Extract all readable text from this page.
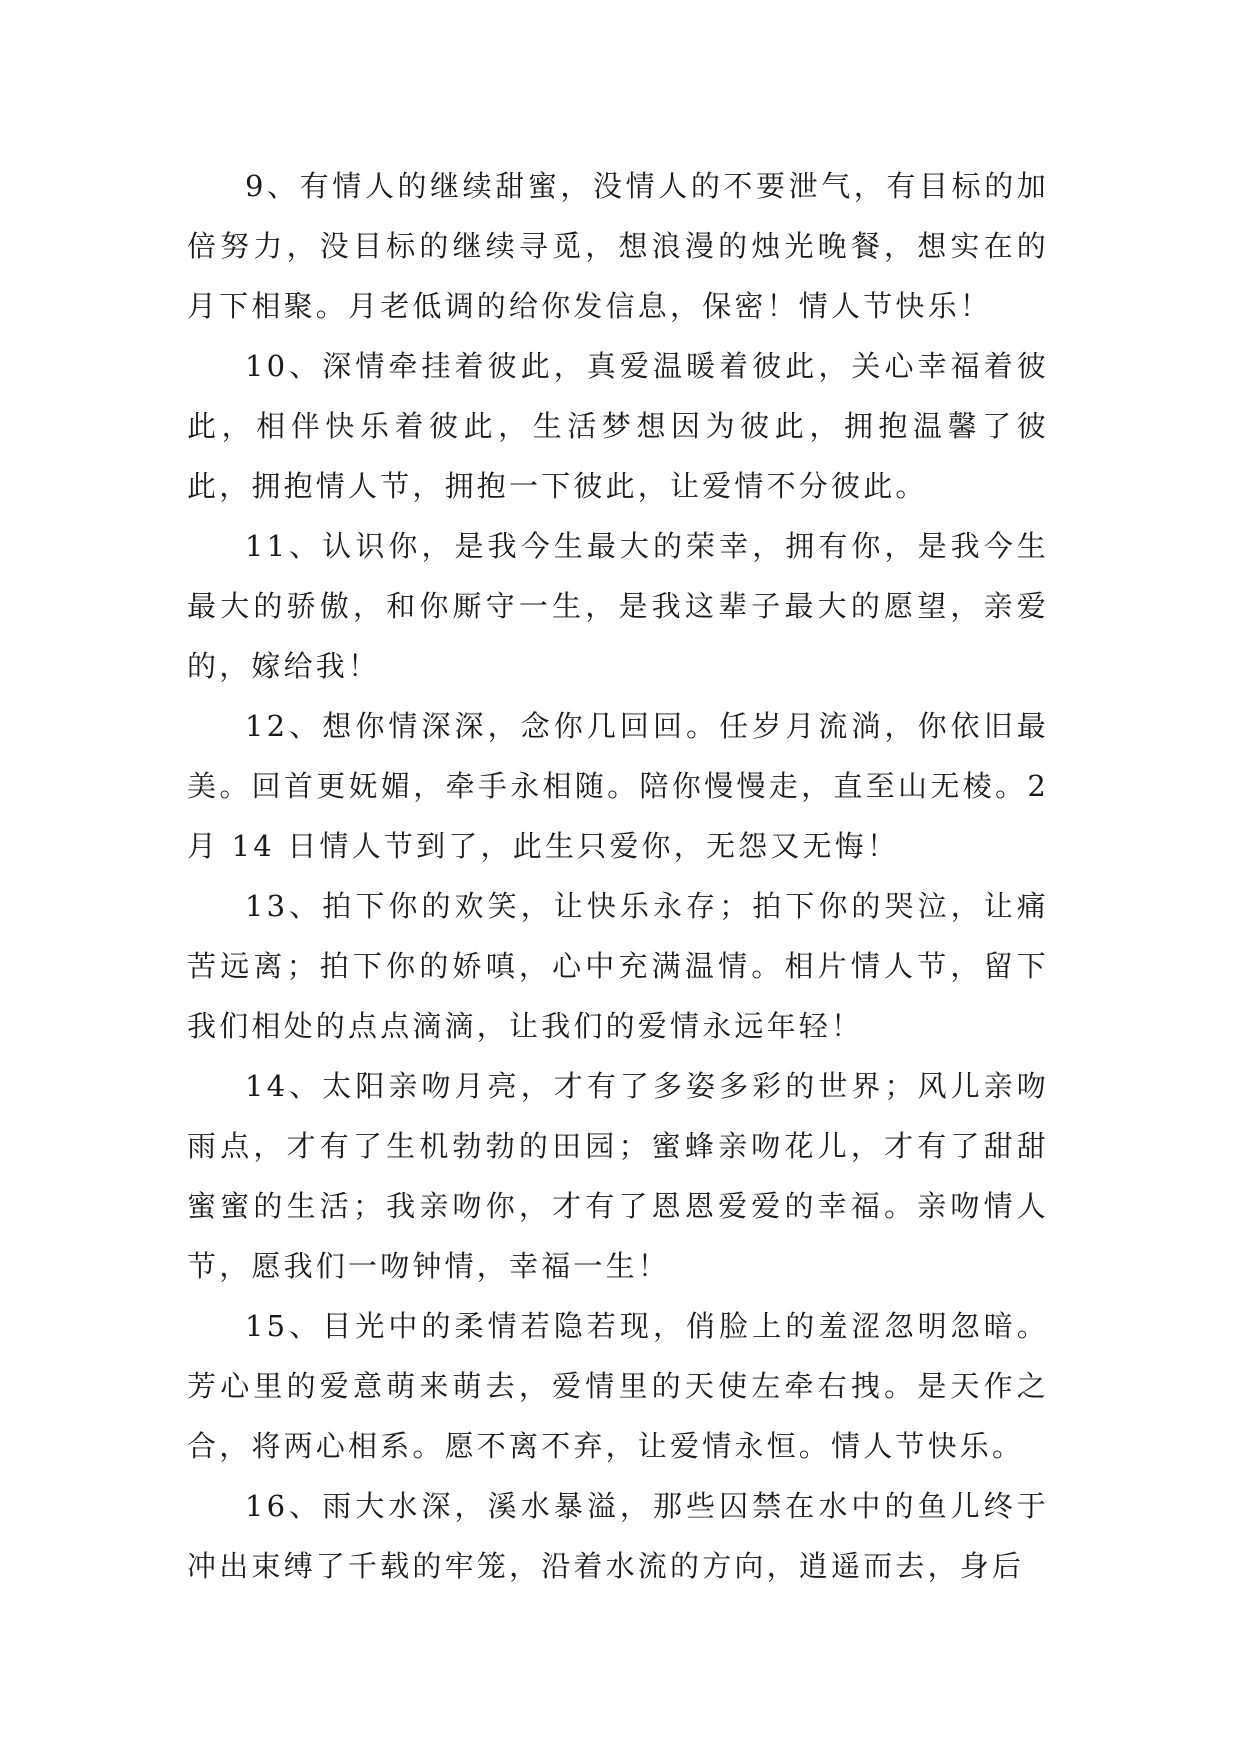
9、有情人的继续甜蜜，没情人的不要泄气，有目标的加倍努力，没目标的继续寻觅，想浪漫的烛光晚餐，想实在的月下相聚。月老低调的给你发信息，保密！情人节快乐！

10、深情牵挂着彼此，真爱温暖着彼此，关心幸福着彼此，相伴快乐着彼此，生活梦想因为彼此，拥抱温馨了彼此，拥抱情人节，拥抱一下彼此，让爱情不分彼此。

11、认识你，是我今生最大的荣幸，拥有你，是我今生最大的骄傲，和你厮守一生，是我这辈子最大的愿望，亲爱的，嫁给我！

12、想你情深深，念你几回回。任岁月流淌，你依旧最美。回首更妩媚，牵手永相随。陪你慢慢走，直至山无棱。2 月 14 日情人节到了，此生只爱你，无怨又无悔！

13、拍下你的欢笑，让快乐永存；拍下你的哭泣，让痛苦远离；拍下你的娇嗔，心中充满温情。相片情人节，留下我们相处的点点滴滴，让我们的爱情永远年轻！

14、太阳亲吻月亮，才有了多姿多彩的世界；风儿亲吻雨点，才有了生机勃勃的田园；蜜蜂亲吻花儿，才有了甜甜蜜蜜的生活；我亲吻你，才有了恩恩爱爱的幸福。亲吻情人节，愿我们一吻钟情，幸福一生！

15、目光中的柔情若隐若现，俏脸上的羞涩忽明忽暗。芳心里的爱意萌来萌去，爱情里的天使左牵右拽。是天作之合，将两心相系。愿不离不弃，让爱情永恒。情人节快乐。

16、雨大水深，溪水暴溢，那些囚禁在水中的鱼儿终于冲出束缚了千载的牢笼，沿着水流的方向，逍遥而去，身后
